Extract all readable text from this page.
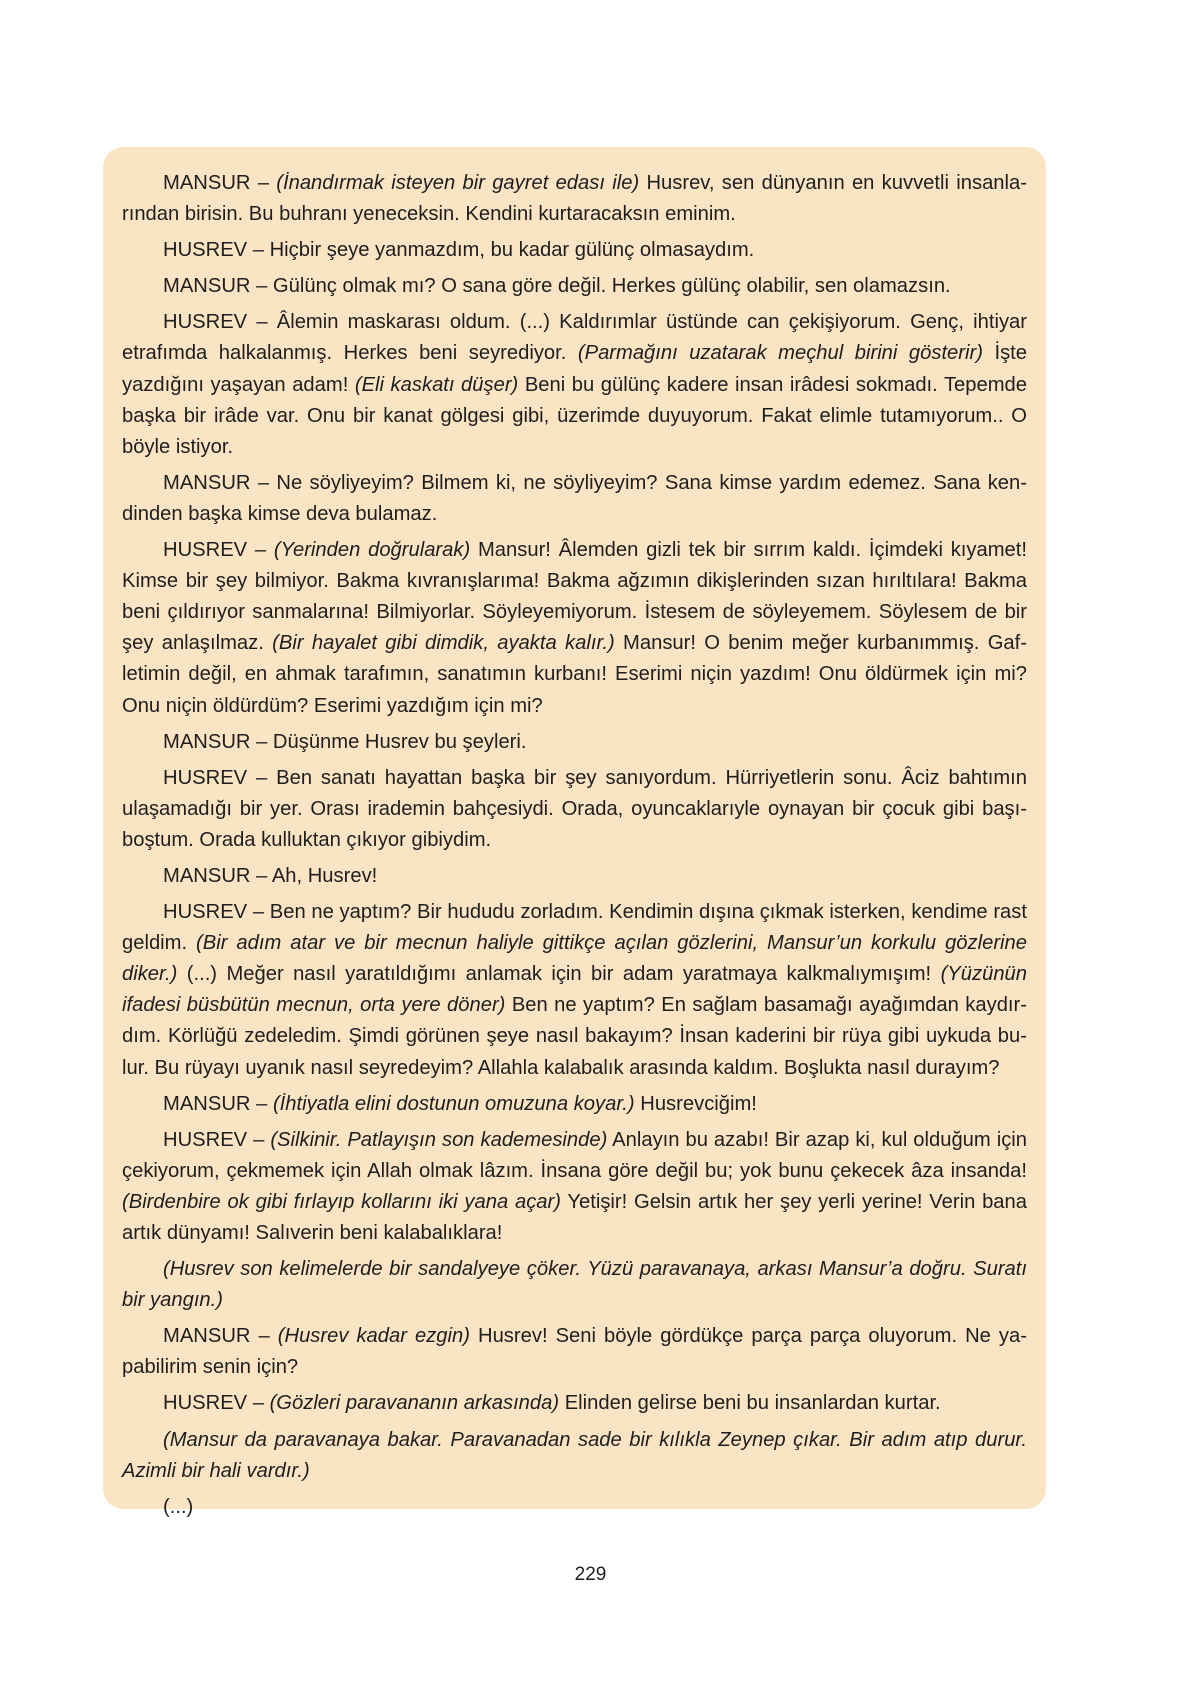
MANSUR – (İnandırmak isteyen bir gayret edası ile) Husrev, sen dünyanın en kuvvetli insanlarından birisin. Bu buhranı yeneceksin. Kendini kurtaracaksın eminim.

HUSREV – Hiçbir şeye yanmazdım, bu kadar gülünç olmasaydım.

MANSUR – Gülünç olmak mı? O sana göre değil. Herkes gülünç olabilir, sen olamazsın.

HUSREV – Âlemin maskarası oldum. (...) Kaldırımlar üstünde can çekişiyorum. Genç, ihtiyar etrafımda halkalanmış. Herkes beni seyrediyor. (Parmağını uzatarak meçhul birini gösterir) İşte yazdığını yaşayan adam! (Eli kaskatı düşer) Beni bu gülünç kadere insan irâdesi sokmadı. Tepemde başka bir irâde var. Onu bir kanat gölgesi gibi, üzerimde duyuyorum. Fakat elimle tutamıyorum.. O böyle istiyor.

MANSUR – Ne söyliyeyim? Bilmem ki, ne söyliyeyim? Sana kimse yardım edemez. Sana kendinden başka kimse deva bulamaz.

HUSREV – (Yerinden doğrularak) Mansur! Âlemden gizli tek bir sırrım kaldı. İçimdeki kıyamet! Kimse bir şey bilmiyor. Bakma kıvranışlarıma! Bakma ağzımın dikişlerinden sızan hırıltılara! Bakma beni çıldırıyor sanmalarına! Bilmiyorlar. Söyleyemiyorum. İstesem de söyleyemem. Söylesem de bir şey anlaşılmaz. (Bir hayalet gibi dimdik, ayakta kalır.) Mansur! O benim meğer kurbanımmış. Gafletimin değil, en ahmak tarafımın, sanatımın kurbanı! Eserimi niçin yazdım! Onu öldürmek için mi? Onu niçin öldürdüm? Eserimi yazdığım için mi?

MANSUR – Düşünme Husrev bu şeyleri.

HUSREV – Ben sanatı hayattan başka bir şey sanıyordum. Hürriyetlerin sonu. Âciz bahtımın ulaşamadığı bir yer. Orası irademin bahçesiydi. Orada, oyuncaklarıyle oynayan bir çocuk gibi başıboştum. Orada kulluktan çıkıyor gibiydim.

MANSUR – Ah, Husrev!

HUSREV – Ben ne yaptım? Bir hududu zorladım. Kendimin dışına çıkmak isterken, kendime rast geldim. (Bir adım atar ve bir mecnun haliyle gittikçe açılan gözlerini, Mansur’un korkulu gözlerine diker.) (...) Meğer nasıl yaratıldığımı anlamak için bir adam yaratmaya kalkmalıymışım! (Yüzünün ifadesi büsbütün mecnun, orta yere döner) Ben ne yaptım? En sağlam basamağı ayağımdan kaydırdım. Körlüğü zedeledim. Şimdi görünen şeye nasıl bakayım? İnsan kaderini bir rüya gibi uykuda bulur. Bu rüyayı uyanık nasıl seyredeyim? Allahla kalabalık arasında kaldım. Boşlukta nasıl durayım?

MANSUR – (İhtiyatla elini dostunun omuzuna koyar.) Husrevciğim!

HUSREV – (Silkinir. Patlayışın son kademesinde) Anlayın bu azabı! Bir azap ki, kul olduğum için çekiyorum, çekmemek için Allah olmak lâzım. İnsana göre değil bu; yok bunu çekecek âza insanda! (Birdenbire ok gibi fırlayıp kollarını iki yana açar) Yetişir! Gelsin artık her şey yerli yerine! Verin bana artık dünyamı! Salıverin beni kalabalıklara!

(Husrev son kelimelerde bir sandalyeye çöker. Yüzü paravanaya, arkası Mansur’a doğru. Suratı bir yangın.)

MANSUR – (Husrev kadar ezgin) Husrev! Seni böyle gördükçe parça parça oluyorum. Ne yapabilirim senin için?

HUSREV – (Gözleri paravananın arkasında) Elinden gelirse beni bu insanlardan kurtar.

(Mansur da paravanaya bakar. Paravanadan sade bir kılıkla Zeynep çıkar. Bir adım atıp durur. Azimli bir hali vardır.)

(...)

229
